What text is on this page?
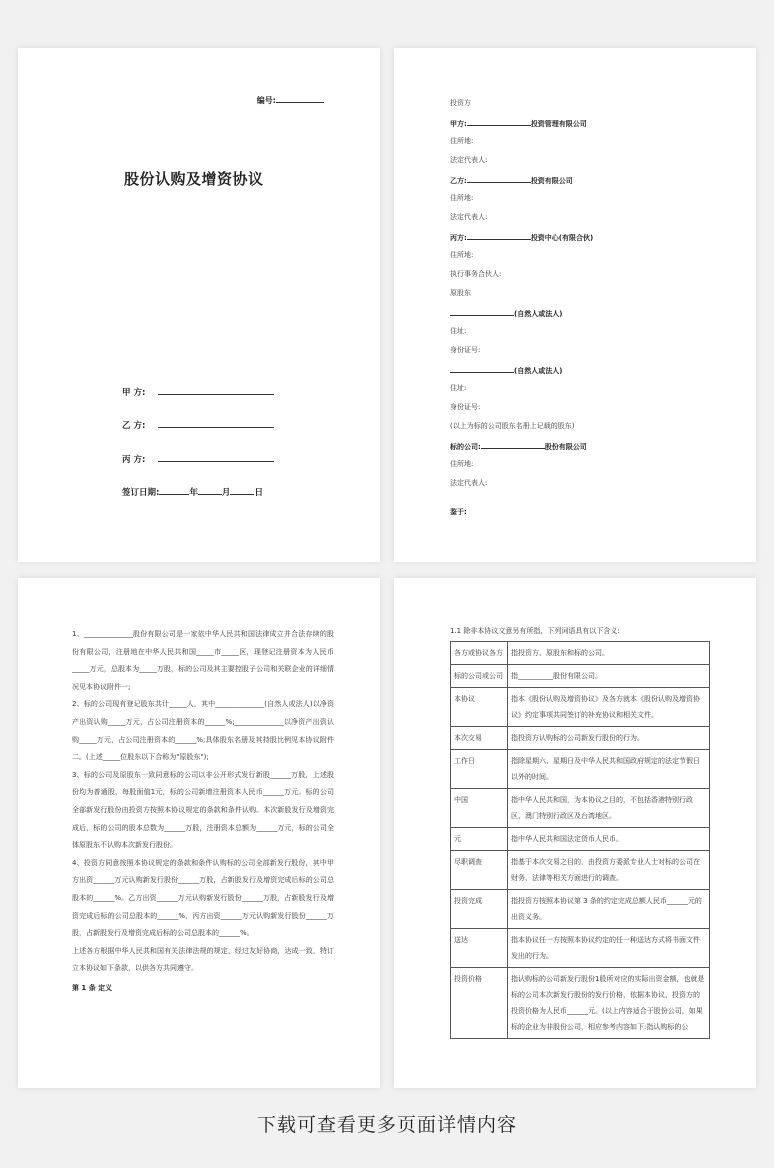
编号:
股份认购及增资协议
甲 方:
乙 方:
丙 方:
签订日期:	年	月	日
投资方
甲方:	投资管理有限公司
住所地:
法定代表人:
乙方:	投资有限公司
住所地:
法定代表人:
丙方:	投资中心(有限合伙)
住所地:
执行事务合伙人:
原股东
(自然人或法人)
住址:
身份证号:
(自然人或法人)
住址:
身份证号:
(以上为标的公司股东名册上记载的股东)
标的公司:	股份有限公司
住所地:
法定代表人:
鉴于:

1、______________股份有限公司是一家依中华人民共和国法律成立并合法存续的股份有限公司，注册地在中华人民共和国_____市_____区，现登记注册资本为人民币_____万元，总股本为_____万股，标的公司及其主要控股子公司和关联企业的详细情况见本协议附件一;

2、标的公司现有登记股东共计_____人，其中______________(自然人或法人)以净资产出资认购_____万元，占公司注册资本的______%;______________以净资产出资认购_____万元，占公司注册资本的______%;具体股东名册及其持股比例见本协议附件二。(上述_____位股东以下合称为"原股东");

3、标的公司及原股东一致同意标的公司以非公开形式发行新股______万股，上述股份均为普通股，每股面值1元，标的公司新增注册资本人民币______万元。标的公司全部新发行股份由投资方按照本协议规定的条款和条件认购。本次新股发行及增资完成后，标的公司的股本总数为______万股，注册资本总额为______万元，标的公司全体原股东不认购本次新发行股份。

4、投资方同意按照本协议规定的条款和条件认购标的公司全部新发行股份，其中甲方出资______万元认购新发行股份______万股，占新股发行及增资完成后标的公司总股本的______%。乙方出资______万元认购新发行股份______万股，占新股发行及增资完成后标的公司总股本的______%，丙方出资______万元认购新发行股份______万股，占新股发行及增资完成后标的公司总股本的______%。

上述各方根据中华人民共和国有关法律法规的规定，经过友好协商，达成一致，特订立本协议如下条款，以供各方共同遵守。

第 1 条 定义

1.1 除非本协议文意另有所指，下列词语具有以下含义:
各方或协议各方	指投资方、原股东和标的公司。
标的公司或公司	指__________股份有限公司。
本协议	指本《股份认购及增资协议》及各方就本《股份认购及增资协议》约定事项共同签订的补充协议和相关文件。
本次交易	指投资方认购标的公司新发行股份的行为。
工作日	指除星期六、星期日及中华人民共和国政府规定的法定节假日以外的时间。
中国	指中华人民共和国，为本协议之目的，不包括香港特别行政区、澳门特别行政区及台湾地区。
元	指中华人民共和国法定货币人民币。
尽职调查	指基于本次交易之目的，由投资方委派专业人士对标的公司在财务、法律等相关方面进行的调查。
投资完成	指投资方按照本协议第 3 条的约定完成总额人民币______元的出资义务。
送达	指本协议任一方按照本协议约定的任一种送达方式将书面文件发出的行为。
投资价格	指认购标的公司新发行股份1股所对应的实际出资金额，也就是标的公司本次新发行股份的发行价格，依据本协议，投资方的投资价格为人民币______元。(以上内容适合于股份公司，如果标的企业为非股份公司，相应参考内容如下:指认购标的公
下载可查看更多页面详情内容
